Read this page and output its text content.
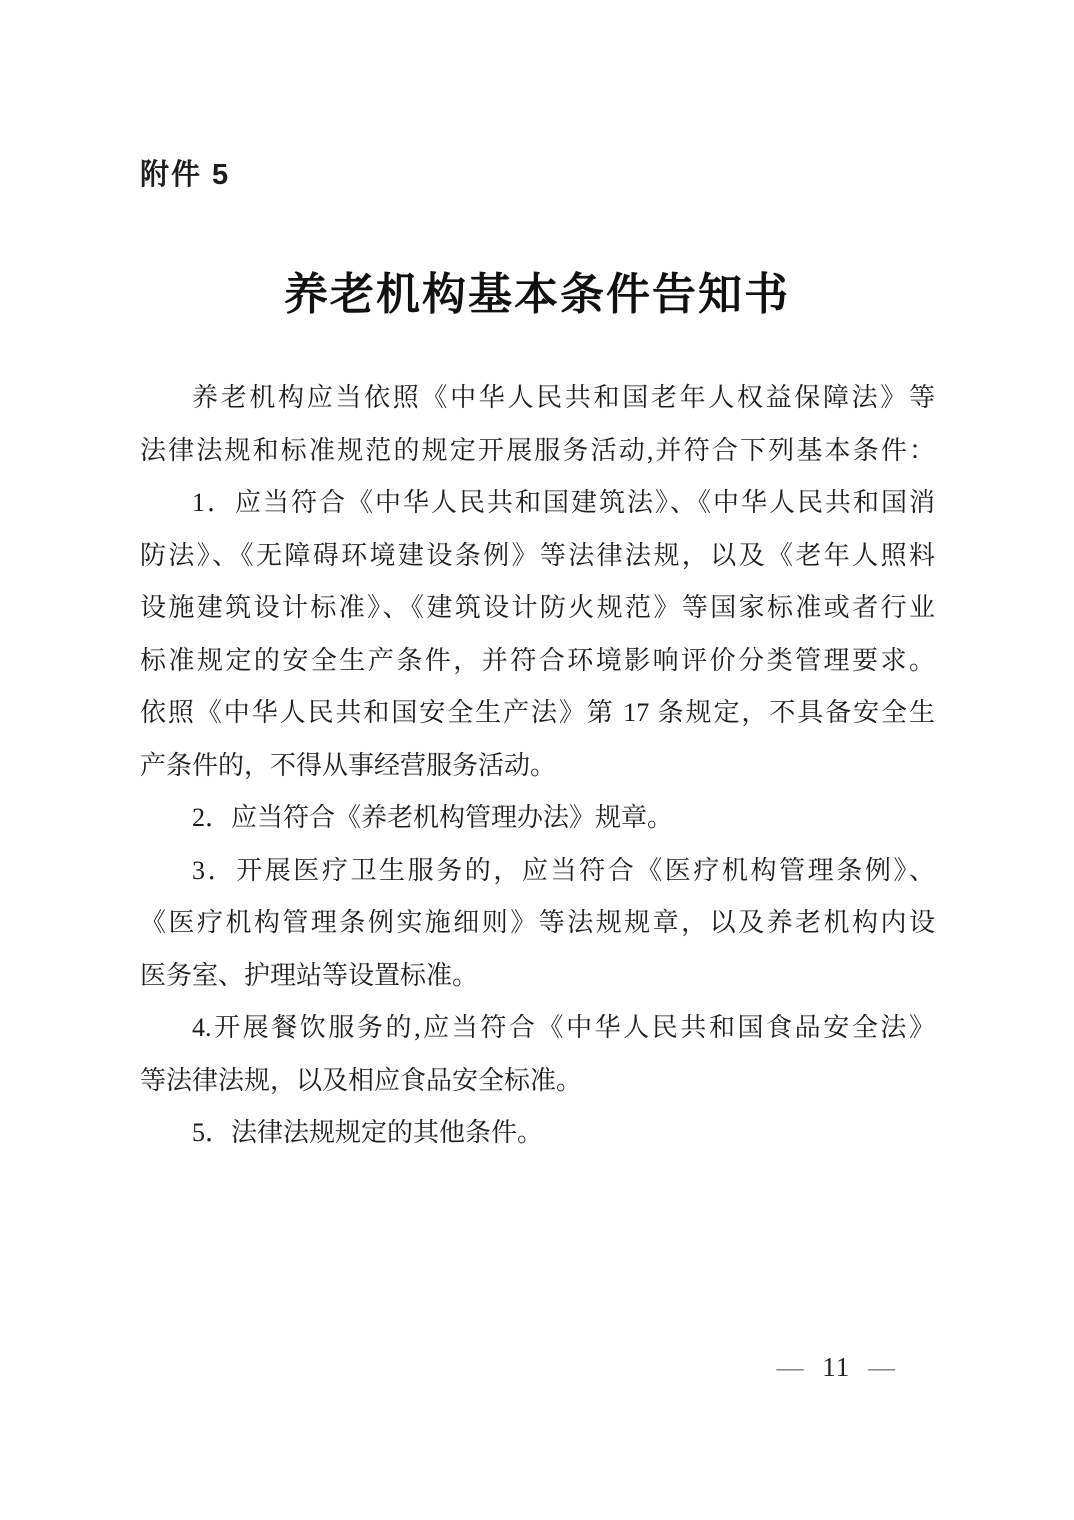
附件 5
养老机构基本条件告知书
养老机构应当依照《中华人民共和国老年人权益保障法》等
法律法规和标准规范的规定开展服务活动,并符合下列基本条件：
1．应当符合《中华人民共和国建筑法》、《中华人民共和国消
防法》、《无障碍环境建设条例》等法律法规，以及《老年人照料
设施建筑设计标准》、《建筑设计防火规范》等国家标准或者行业
标准规定的安全生产条件，并符合环境影响评价分类管理要求。
依照《中华人民共和国安全生产法》第 17 条规定，不具备安全生
产条件的，不得从事经营服务活动。
2．应当符合《养老机构管理办法》规章。
3．开展医疗卫生服务的，应当符合《医疗机构管理条例》、
《医疗机构管理条例实施细则》等法规规章，以及养老机构内设
医务室、护理站等设置标准。
4.开展餐饮服务的,应当符合《中华人民共和国食品安全法》
等法律法规，以及相应食品安全标准。
5．法律法规规定的其他条件。
— 11 —
